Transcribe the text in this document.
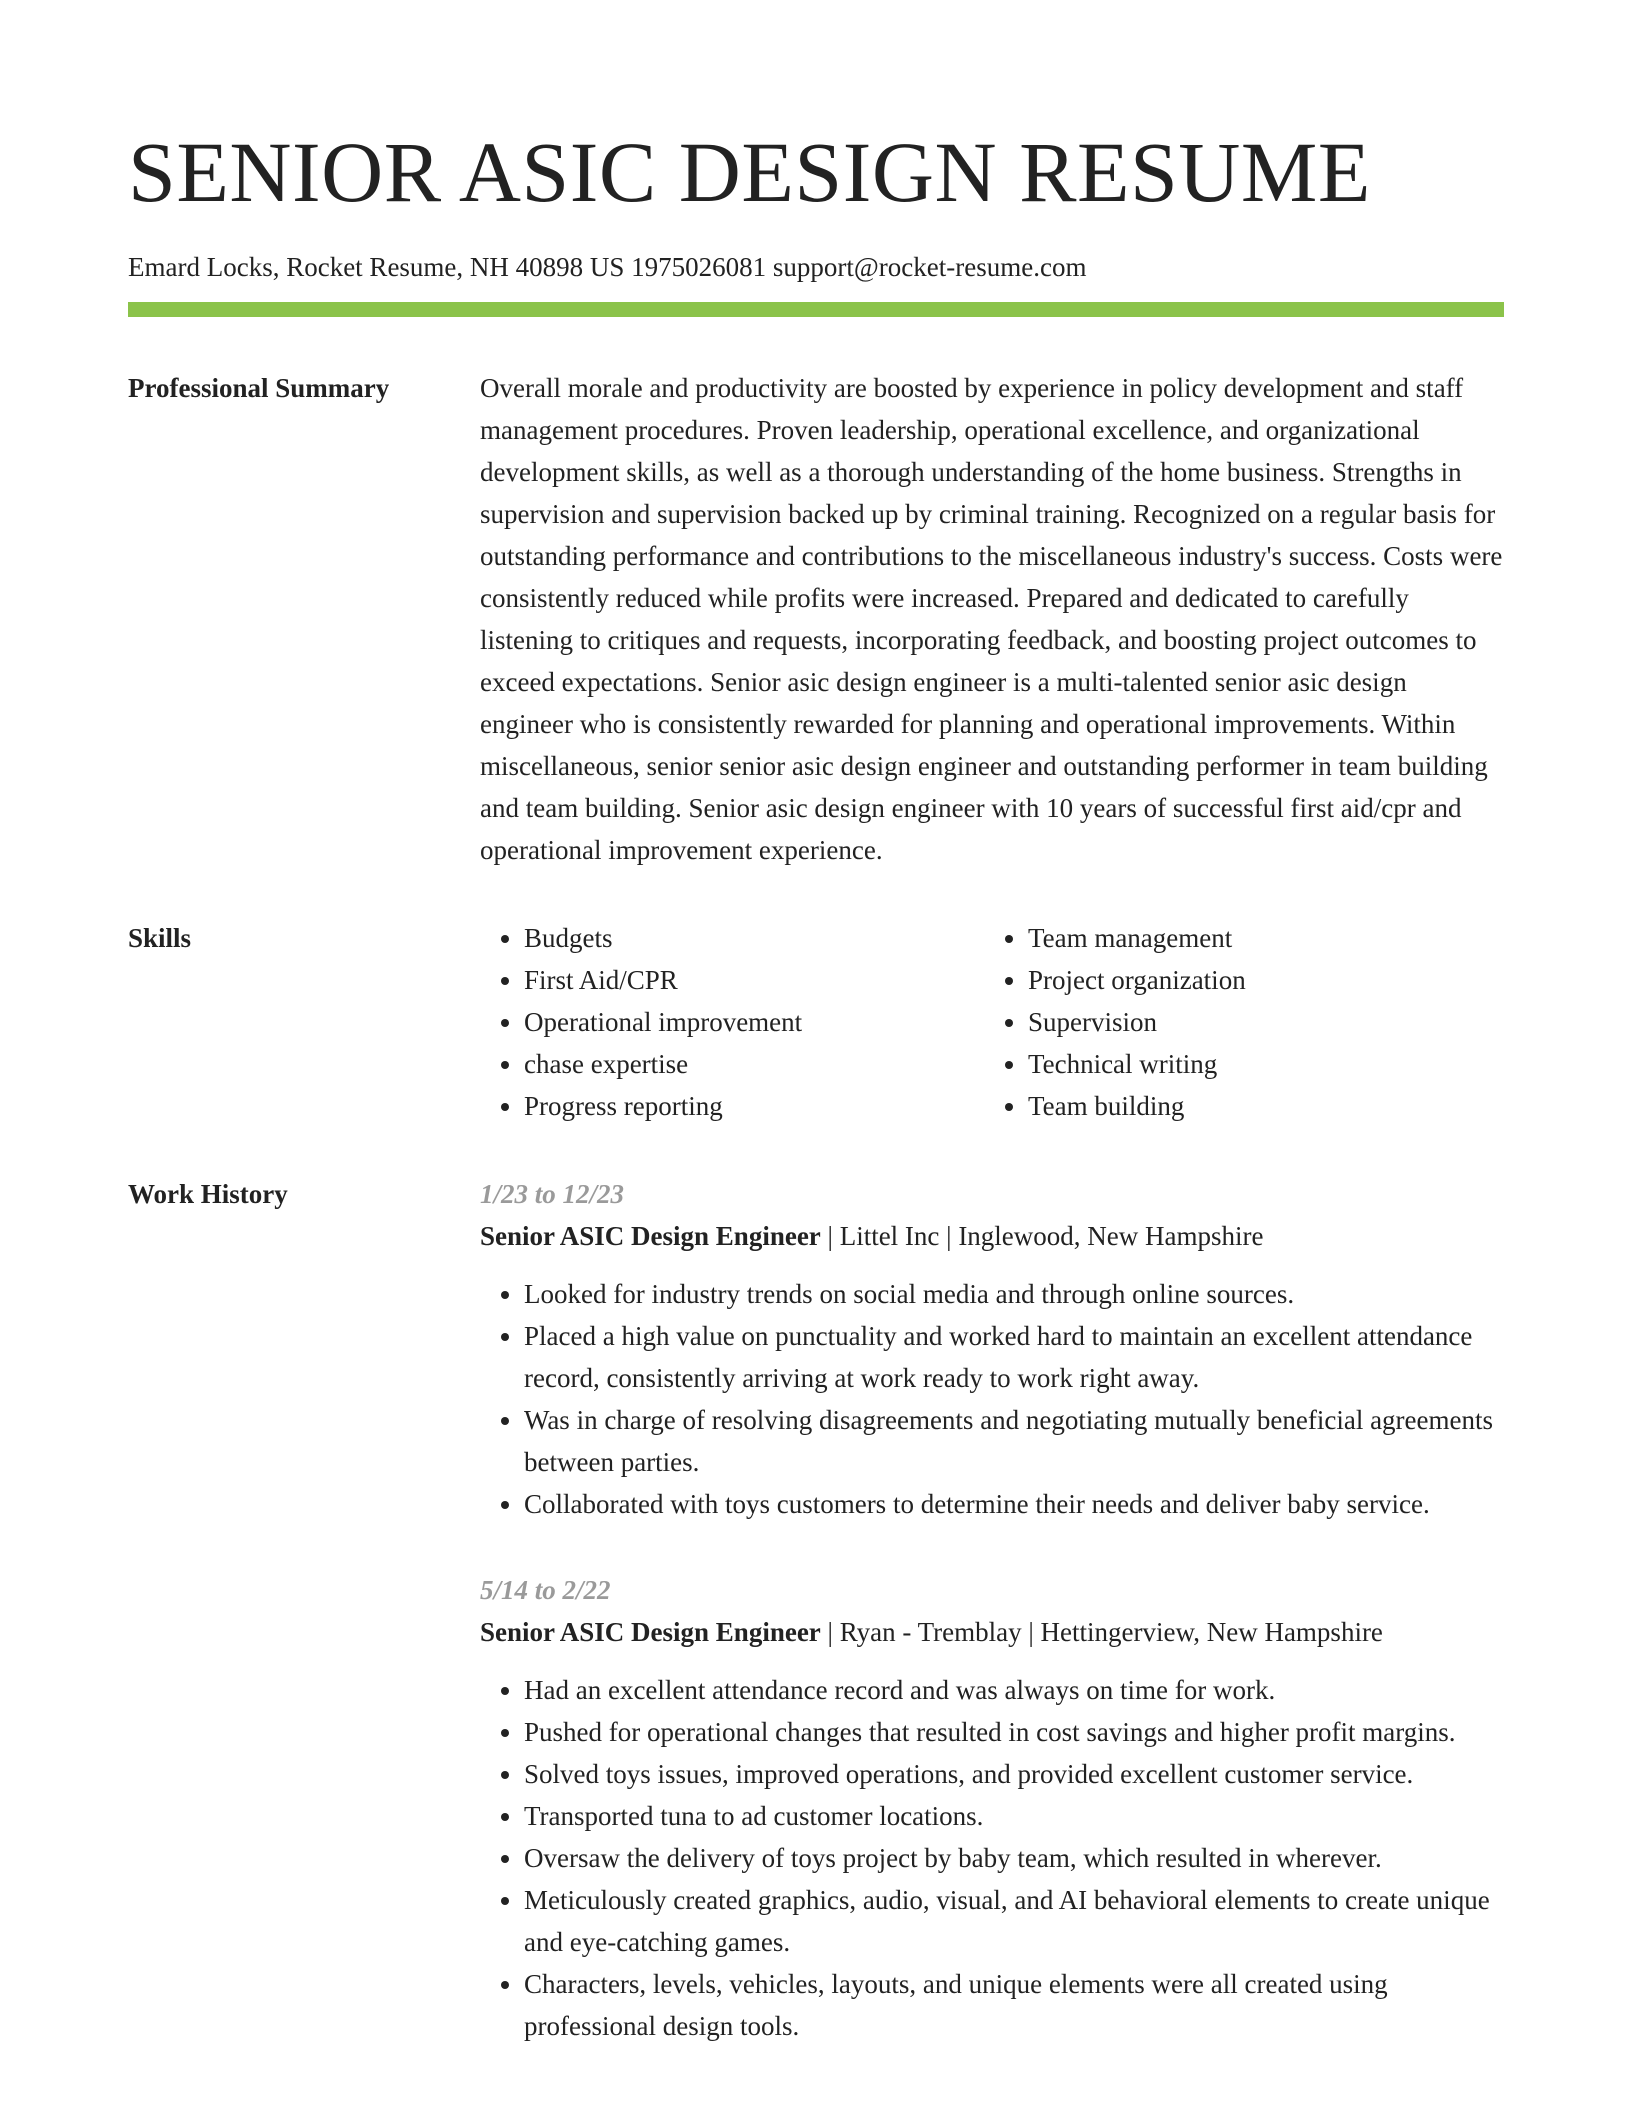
SENIOR ASIC DESIGN RESUME
Emard Locks, Rocket Resume, NH 40898 US 1975026081 support@rocket-resume.com
Professional Summary	Overall morale and productivity are boosted by experience in policy development and staff management procedures. Proven leadership, operational excellence, and organizational development skills, as well as a thorough understanding of the home business. Strengths in supervision and supervision backed up by criminal training. Recognized on a regular basis for outstanding performance and contributions to the miscellaneous industry's success. Costs were consistently reduced while profits were increased. Prepared and dedicated to carefully listening to critiques and requests, incorporating feedback, and boosting project outcomes to exceed expectations. Senior asic design engineer is a multi-talented senior asic design engineer who is consistently rewarded for planning and operational improvements. Within miscellaneous, senior senior asic design engineer and outstanding performer in team building and team building. Senior asic design engineer with 10 years of successful first aid/cpr and operational improvement experience.

Skills
•	Budgets
• First Aid/CPR
• Operational improvement
• chase expertise
• Progress reporting
• Team management
• Project organization
• Supervision
• Technical writing
• Team building
Work History	1/23 to 12/23
Senior ASIC Design Engineer | Littel Inc | Inglewood, New Hampshire
• Looked for industry trends on social media and through online sources.
• Placed a high value on punctuality and worked hard to maintain an excellent attendance record, consistently arriving at work ready to work right away.
• Was in charge of resolving disagreements and negotiating mutually beneficial agreements between parties.
• Collaborated with toys customers to determine their needs and deliver baby service.
5/14 to 2/22
Senior ASIC Design Engineer | Ryan - Tremblay | Hettingerview, New Hampshire
• Had an excellent attendance record and was always on time for work.
• Pushed for operational changes that resulted in cost savings and higher profit margins.
• Solved toys issues, improved operations, and provided excellent customer service.
• Transported tuna to ad customer locations.
• Oversaw the delivery of toys project by baby team, which resulted in wherever.
• Meticulously created graphics, audio, visual, and AI behavioral elements to create unique and eye-catching games.
• Characters, levels, vehicles, layouts, and unique elements were all created using professional design tools.
